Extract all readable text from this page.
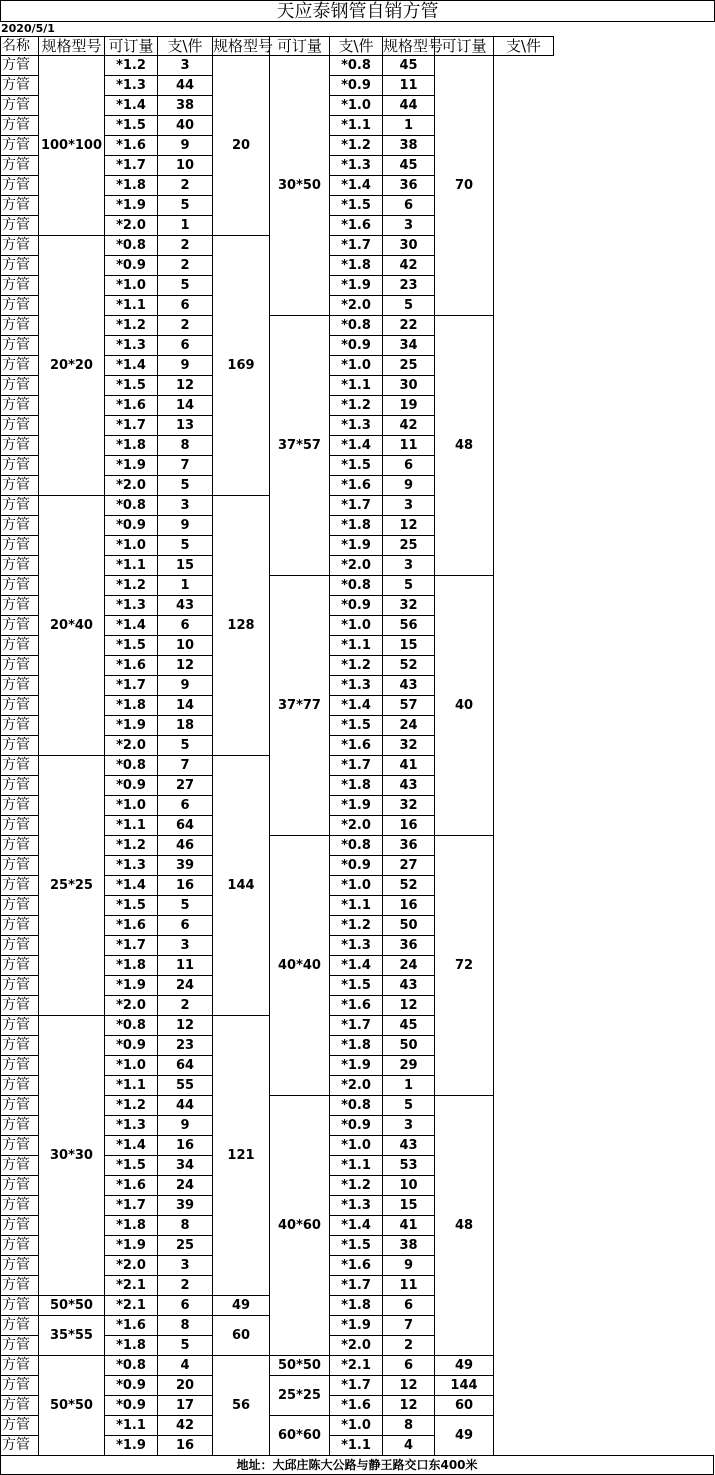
天应泰钢管自销方管
2020/5/1
名称	规格型号	可订量	支\件	规格型号	可订量	支\件	规格型号	可订量	支\件
方管	100*100	*1.2	3	20	30*50	*0.8	45	70	
方管		*1.3	44			*0.9	11		
方管		*1.4	38			*1.0	44		
方管		*1.5	40			*1.1	1		
方管		*1.6	9			*1.2	38		
方管		*1.7	10			*1.3	45		
方管		*1.8	2			*1.4	36		
方管		*1.9	5			*1.5	6		
方管		*2.0	1			*1.6	3		
方管	20*20	*0.8	2	169		*1.7	30		
方管		*0.9	2			*1.8	42		
方管		*1.0	5			*1.9	23		
方管		*1.1	6			*2.0	5		
方管		*1.2	2		37*57	*0.8	22	48	
方管		*1.3	6			*0.9	34		
方管		*1.4	9			*1.0	25		
方管		*1.5	12			*1.1	30		
方管		*1.6	14			*1.2	19		
方管		*1.7	13			*1.3	42		
方管		*1.8	8			*1.4	11		
方管		*1.9	7			*1.5	6		
方管		*2.0	5			*1.6	9		
方管	20*40	*0.8	3	128		*1.7	3		
方管		*0.9	9			*1.8	12		
方管		*1.0	5			*1.9	25		
方管		*1.1	15			*2.0	3		
方管		*1.2	1		37*77	*0.8	5	40	
方管		*1.3	43			*0.9	32		
方管		*1.4	6			*1.0	56		
方管		*1.5	10			*1.1	15		
方管		*1.6	12			*1.2	52		
方管		*1.7	9			*1.3	43		
方管		*1.8	14			*1.4	57		
方管		*1.9	18			*1.5	24		
方管		*2.0	5			*1.6	32		
方管	25*25	*0.8	7	144		*1.7	41		
方管		*0.9	27			*1.8	43		
方管		*1.0	6			*1.9	32		
方管		*1.1	64			*2.0	16		
方管		*1.2	46		40*40	*0.8	36	72	
方管		*1.3	39			*0.9	27		
方管		*1.4	16			*1.0	52		
方管		*1.5	5			*1.1	16		
方管		*1.6	6			*1.2	50		
方管		*1.7	3			*1.3	36		
方管		*1.8	11			*1.4	24		
方管		*1.9	24			*1.5	43		
方管		*2.0	2			*1.6	12		
方管	30*30	*0.8	12	121		*1.7	45		
方管		*0.9	23			*1.8	50		
方管		*1.0	64			*1.9	29		
方管		*1.1	55			*2.0	1		
方管		*1.2	44		40*60	*0.8	5	48	
方管		*1.3	9			*0.9	3		
方管		*1.4	16			*1.0	43		
方管		*1.5	34			*1.1	53		
方管		*1.6	24			*1.2	10		
方管		*1.7	39			*1.3	15		
方管		*1.8	8			*1.4	41		
方管		*1.9	25			*1.5	38		
方管		*2.0	3			*1.6	9		
方管		*2.1	2			*1.7	11		
方管	50*50	*2.1	6	49		*1.8	6		
方管	35*55	*1.6	8	60		*1.9	7		
方管		*1.8	5			*2.0	2		
方管	50*50	*0.8	4	56	50*50	*2.1	6	49	
方管		*0.9	20		25*25	*1.7	12	144	
方管		*0.9	17			*1.6	12	60	
方管		*1.1	42		60*60	*1.0	8	49	
方管		*1.9	16			*1.1	4		
地址：大邱庄陈大公路与静王路交口东400米
